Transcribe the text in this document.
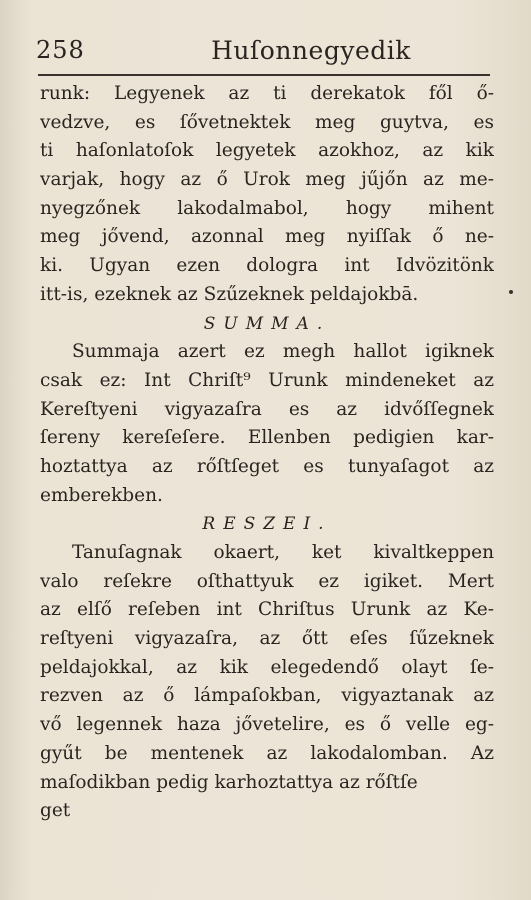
258	Huſonnegyedik
runk: Legyenek az ti derekatok fől ő-
vedzve, es ſővetnektek meg guytva, es
ti haſonlatoſok legyetek azokhoz, az kik
varjak, hogy az ő Urok meg jűjőn az me-
nyegzőnek lakodalmabol, hogy mihent
meg jővend, azonnal meg nyiſſak ő ne-
ki. Ugyan ezen dologra int Idvözitönk
itt-is, ezeknek az Szűzeknek peldajokbā.
SUMMA.
Summaja azert ez megh hallot igiknek
csak ez: Int Chriſt⁹ Urunk mindeneket az
Kereſtyeni vigyazaſra es az idvőſſegnek
ſereny kereſeſere. Ellenben pedigien kar-
hoztattya az rőſtſeget es tunyaſagot az
emberekben.
RESZEI.
Tanuſagnak okaert, ket kivaltkeppen
valo reſekre oſthattyuk ez igiket. Mert
az elſő reſeben int Chriſtus Urunk az Ke-
reſtyeni vigyazaſra, az őtt eſes ſűzeknek
peldajokkal, az kik elegedendő olayt ſe-
rezven az ő lámpaſokban, vigyaztanak az
vő legennek haza jővetelire, es ő velle eg-
gyűt be mentenek az lakodalomban. Az
maſodikban pedig karhoztattya az rőſtſe
get
